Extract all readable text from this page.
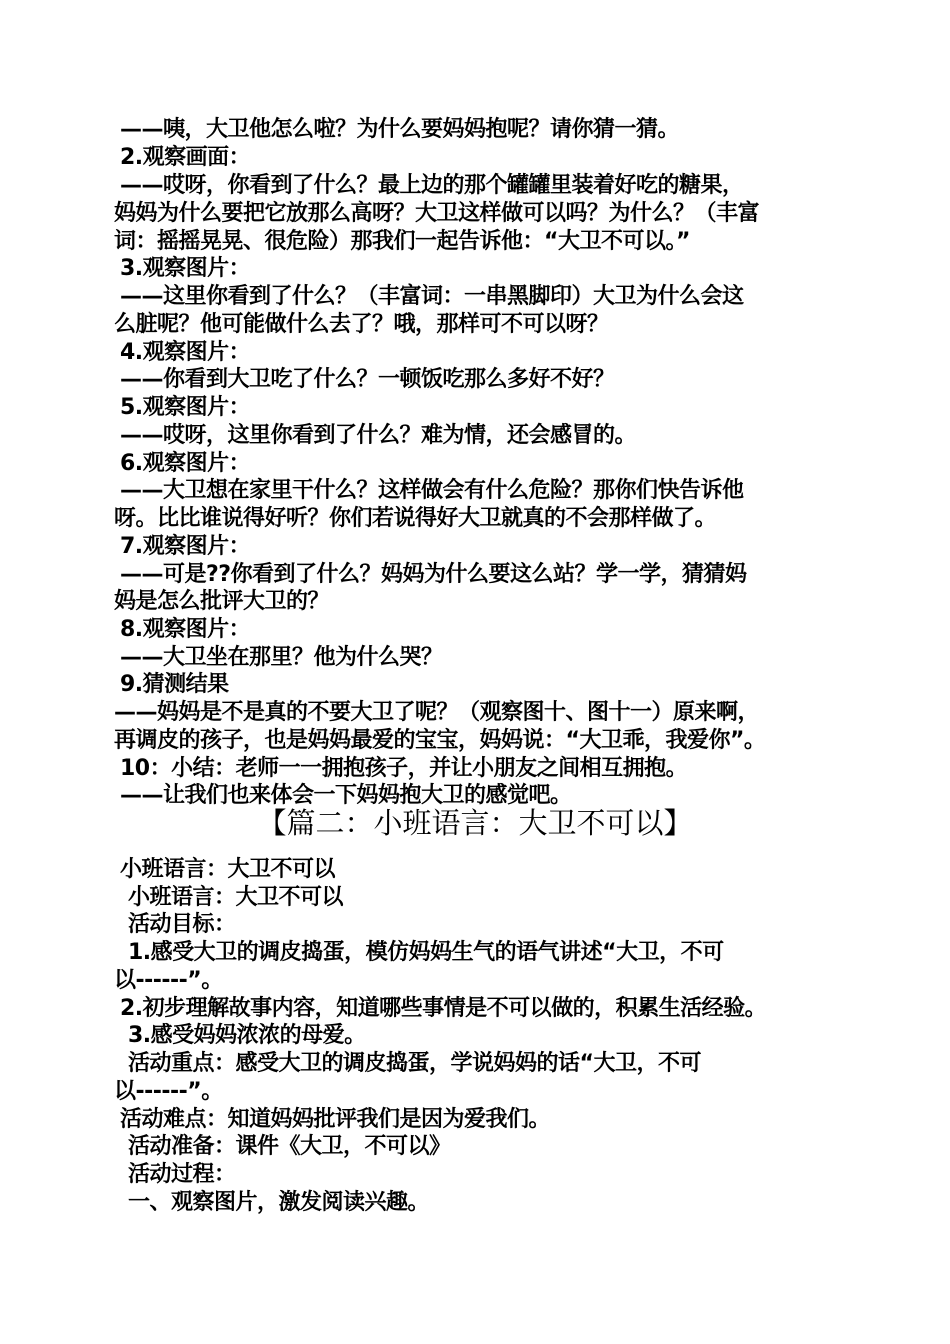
——咦，大卫他怎么啦？为什么要妈妈抱呢？请你猜一猜。
2.观察画面：
——哎呀，你看到了什么？最上边的那个罐罐里装着好吃的糖果，
妈妈为什么要把它放那么高呀？大卫这样做可以吗？为什么？（丰富
词：摇摇晃晃、很危险）那我们一起告诉他：“大卫不可以。”
3.观察图片：
——这里你看到了什么？（丰富词：一串黑脚印）大卫为什么会这
么脏呢？他可能做什么去了？哦，那样可不可以呀？
4.观察图片：
——你看到大卫吃了什么？一顿饭吃那么多好不好？
5.观察图片：
——哎呀，这里你看到了什么？难为情，还会感冒的。
6.观察图片：
——大卫想在家里干什么？这样做会有什么危险？那你们快告诉他
呀。比比谁说得好听？你们若说得好大卫就真的不会那样做了。
7.观察图片：
——可是??你看到了什么？妈妈为什么要这么站？学一学，猜猜妈
妈是怎么批评大卫的？
8.观察图片：
——大卫坐在那里？他为什么哭？
9.猜测结果
——妈妈是不是真的不要大卫了呢？（观察图十、图十一）原来啊，
再调皮的孩子，也是妈妈最爱的宝宝，妈妈说：“大卫乖，我爱你”。
10：小结：老师一一拥抱孩子，并让小朋友之间相互拥抱。
——让我们也来体会一下妈妈抱大卫的感觉吧。
【篇二：小班语言：大卫不可以】
小班语言：大卫不可以
小班语言：大卫不可以
活动目标：
1.感受大卫的调皮捣蛋，模仿妈妈生气的语气讲述“大卫，不可
以------”。
2.初步理解故事内容，知道哪些事情是不可以做的，积累生活经验。
3.感受妈妈浓浓的母爱。
活动重点：感受大卫的调皮捣蛋，学说妈妈的话“大卫，不可
以------”。
活动难点：知道妈妈批评我们是因为爱我们。
活动准备：课件《大卫，不可以》
活动过程：
一、观察图片，激发阅读兴趣。
